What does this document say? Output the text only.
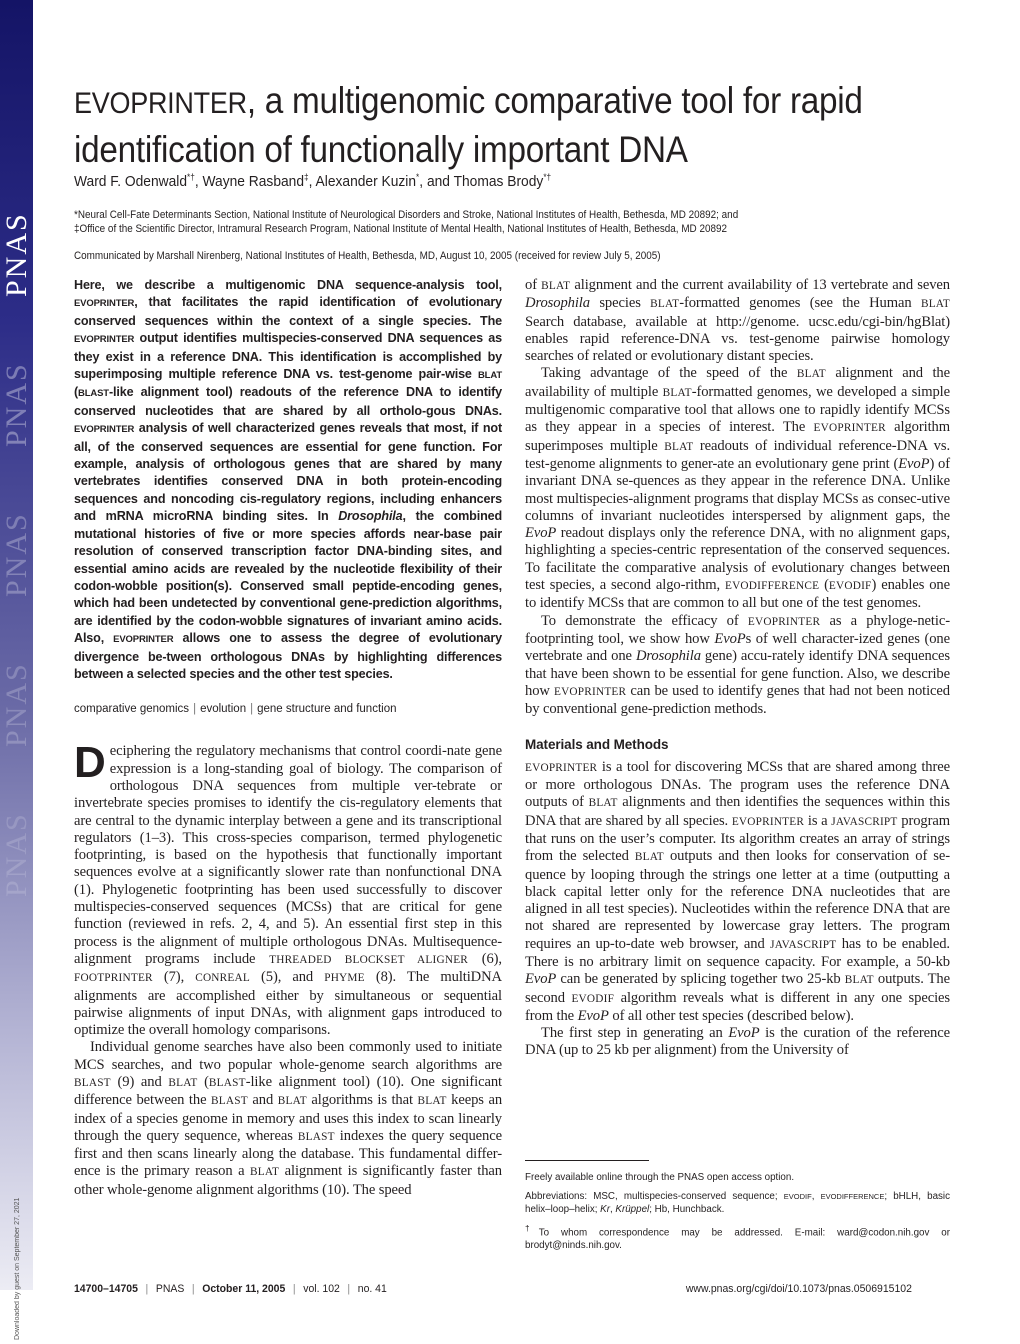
PNAS
PNAS
PNAS
PNAS
PNAS
Downloaded by guest on September 27, 2021
EVOPRINTER, a multigenomic comparative tool for rapid
identification of functionally important DNA
Ward F. Odenwald*†, Wayne Rasband‡, Alexander Kuzin*, and Thomas Brody*†
*Neural Cell-Fate Determinants Section, National Institute of Neurological Disorders and Stroke, National Institutes of Health, Bethesda, MD 20892; and
‡Office of the Scientific Director, Intramural Research Program, National Institute of Mental Health, National Institutes of Health, Bethesda, MD 20892
Communicated by Marshall Nirenberg, National Institutes of Health, Bethesda, MD, August 10, 2005 (received for review July 5, 2005)
Here, we describe a multigenomic DNA sequence-analysis tool, EVOPRINTER, that facilitates the rapid identification of evolutionary conserved sequences within the context of a single species. The EVOPRINTER output identifies multispecies-conserved DNA sequences as they exist in a reference DNA. This identification is accomplished by superimposing multiple reference DNA vs. test-genome pair-wise BLAT (BLAST-like alignment tool) readouts of the reference DNA to identify conserved nucleotides that are shared by all ortholo-gous DNAs. EVOPRINTER analysis of well characterized genes reveals that most, if not all, of the conserved sequences are essential for gene function. For example, analysis of orthologous genes that are shared by many vertebrates identifies conserved DNA in both protein-encoding sequences and noncoding cis-regulatory regions, including enhancers and mRNA microRNA binding sites. In Drosophila, the combined mutational histories of five or more species affords near-base pair resolution of conserved transcription factor DNA-binding sites, and essential amino acids are revealed by the nucleotide flexibility of their codon-wobble position(s). Conserved small peptide-encoding genes, which had been undetected by conventional gene-prediction algorithms, are identified by the codon-wobble signatures of invariant amino acids. Also, EVOPRINTER allows one to assess the degree of evolutionary divergence be-tween orthologous DNAs by highlighting differences between a selected species and the other test species.
comparative genomics | evolution | gene structure and function

Deciphering the regulatory mechanisms that control coordi-nate gene expression is a long-standing goal of biology. The comparison of orthologous DNA sequences from multiple ver-tebrate or invertebrate species promises to identify the cis-regulatory elements that are central to the dynamic interplay between a gene and its transcriptional regulators (1–3). This cross-species comparison, termed phylogenetic footprinting, is based on the hypothesis that functionally important sequences evolve at a significantly slower rate than nonfunctional DNA (1). Phylogenetic footprinting has been used successfully to discover multispecies-conserved sequences (MCSs) that are critical for gene function (reviewed in refs. 2, 4, and 5). An essential first step in this process is the alignment of multiple orthologous DNAs. Multisequence-alignment programs include THREADED BLOCKSET ALIGNER (6), FOOTPRINTER (7), CONREAL (5), and PHYME (8). The multiDNA alignments are accomplished either by simultaneous or sequential pairwise alignments of input DNAs, with alignment gaps introduced to optimize the overall homology comparisons.

Individual genome searches have also been commonly used to initiate MCS searches, and two popular whole-genome search algorithms are BLAST (9) and BLAT (BLAST-like alignment tool) (10). One significant difference between the BLAST and BLAT algorithms is that BLAT keeps an index of a species genome in memory and uses this index to scan linearly through the query sequence, whereas BLAST indexes the query sequence first and then scans linearly along the database. This fundamental differ-ence is the primary reason a BLAT alignment is significantly faster than other whole-genome alignment algorithms (10). The speed

of BLAT alignment and the current availability of 13 vertebrate and seven Drosophila species BLAT-formatted genomes (see the Human BLAT Search database, available at http://genome. ucsc.edu/cgi-bin/hgBlat) enables rapid reference-DNA vs. test-genome pairwise homology searches of related or evolutionary distant species.

Taking advantage of the speed of the BLAT alignment and the availability of multiple BLAT-formatted genomes, we developed a simple multigenomic comparative tool that allows one to rapidly identify MCSs as they appear in a species of interest. The EVOPRINTER algorithm superimposes multiple BLAT readouts of individual reference-DNA vs. test-genome alignments to gener-ate an evolutionary gene print (EvoP) of invariant DNA se-quences as they appear in the reference DNA. Unlike most multispecies-alignment programs that display MCSs as consec-utive columns of invariant nucleotides interspersed by alignment gaps, the EvoP readout displays only the reference DNA, with no alignment gaps, highlighting a species-centric representation of the conserved sequences. To facilitate the comparative analysis of evolutionary changes between test species, a second algo-rithm, EVODIFFERENCE (EVODIF) enables one to identify MCSs that are common to all but one of the test genomes.

To demonstrate the efficacy of EVOPRINTER as a phyloge-netic-footprinting tool, we show how EvoPs of well character-ized genes (one vertebrate and one Drosophila gene) accu-rately identify DNA sequences that have been shown to be essential for gene function. Also, we describe how EVOPRINTER can be used to identify genes that had not been noticed by conventional gene-prediction methods.

Materials and Methods

EVOPRINTER is a tool for discovering MCSs that are shared among three or more orthologous DNAs. The program uses the reference DNA outputs of BLAT alignments and then identifies the sequences within this DNA that are shared by all species. EVOPRINTER is a JAVASCRIPT program that runs on the user’s computer. Its algorithm creates an array of strings from the selected BLAT outputs and then looks for conservation of se-quence by looping through the strings one letter at a time (outputting a black capital letter only for the reference DNA nucleotides that are aligned in all test species). Nucleotides within the reference DNA that are not shared are represented by lowercase gray letters. The program requires an up-to-date web browser, and JAVASCRIPT has to be enabled. There is no arbitrary limit on sequence capacity. For example, a 50-kb EvoP can be generated by splicing together two 25-kb BLAT outputs. The second EVODIF algorithm reveals what is different in any one species from the EvoP of all other test species (described below).

The first step in generating an EvoP is the curation of the reference DNA (up to 25 kb per alignment) from the University of

Freely available online through the PNAS open access option.

Abbreviations: MSC, multispecies-conserved sequence; EVODIF, EVODIFFERENCE; bHLH, basic helix–loop–helix; Kr, Krüppel; Hb, Hunchback.

†To whom correspondence may be addressed. E-mail: ward@codon.nih.gov or brodyt@ninds.nih.gov.

14700–14705 | PNAS | October 11, 2005 | vol. 102 | no. 41	www.pnas.org/cgi/doi/10.1073/pnas.0506915102
